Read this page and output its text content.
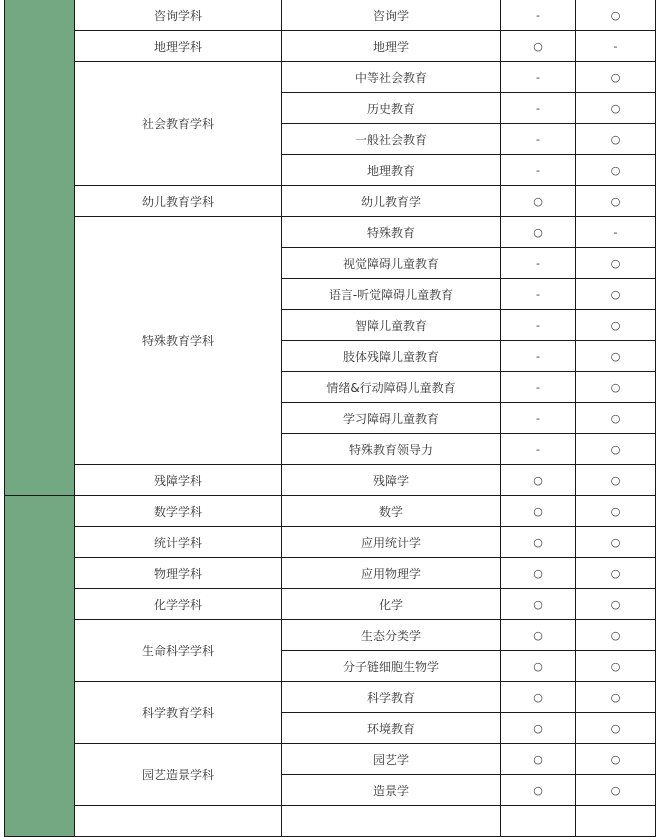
	咨询学科	咨询学	-	○
	地理学科	地理学	○	-
	社会教育学科	中等社会教育	-	○
		历史教育	-	○
		一般社会教育	-	○
		地理教育	-	○
	幼儿教育学科	幼儿教育学	○	○
	特殊教育学科	特殊教育	○	-
		视觉障碍儿童教育	-	○
		语言-听觉障碍儿童教育	-	○
		智障儿童教育	-	○
		肢体残障儿童教育	-	○
		情绪&行动障碍儿童教育	-	○
		学习障碍儿童教育	-	○
		特殊教育领导力	-	○
	残障学科	残障学	○	○
	数学学科	数学	○	○
	统计学科	应用统计学	○	○
	物理学科	应用物理学	○	○
	化学学科	化学	○	○
	生命科学学科	生态分类学	○	○
		分子链细胞生物学	○	○
	科学教育学科	科学教育	○	○
		环境教育	○	○
	园艺造景学科	园艺学	○	○
		造景学	○	○
